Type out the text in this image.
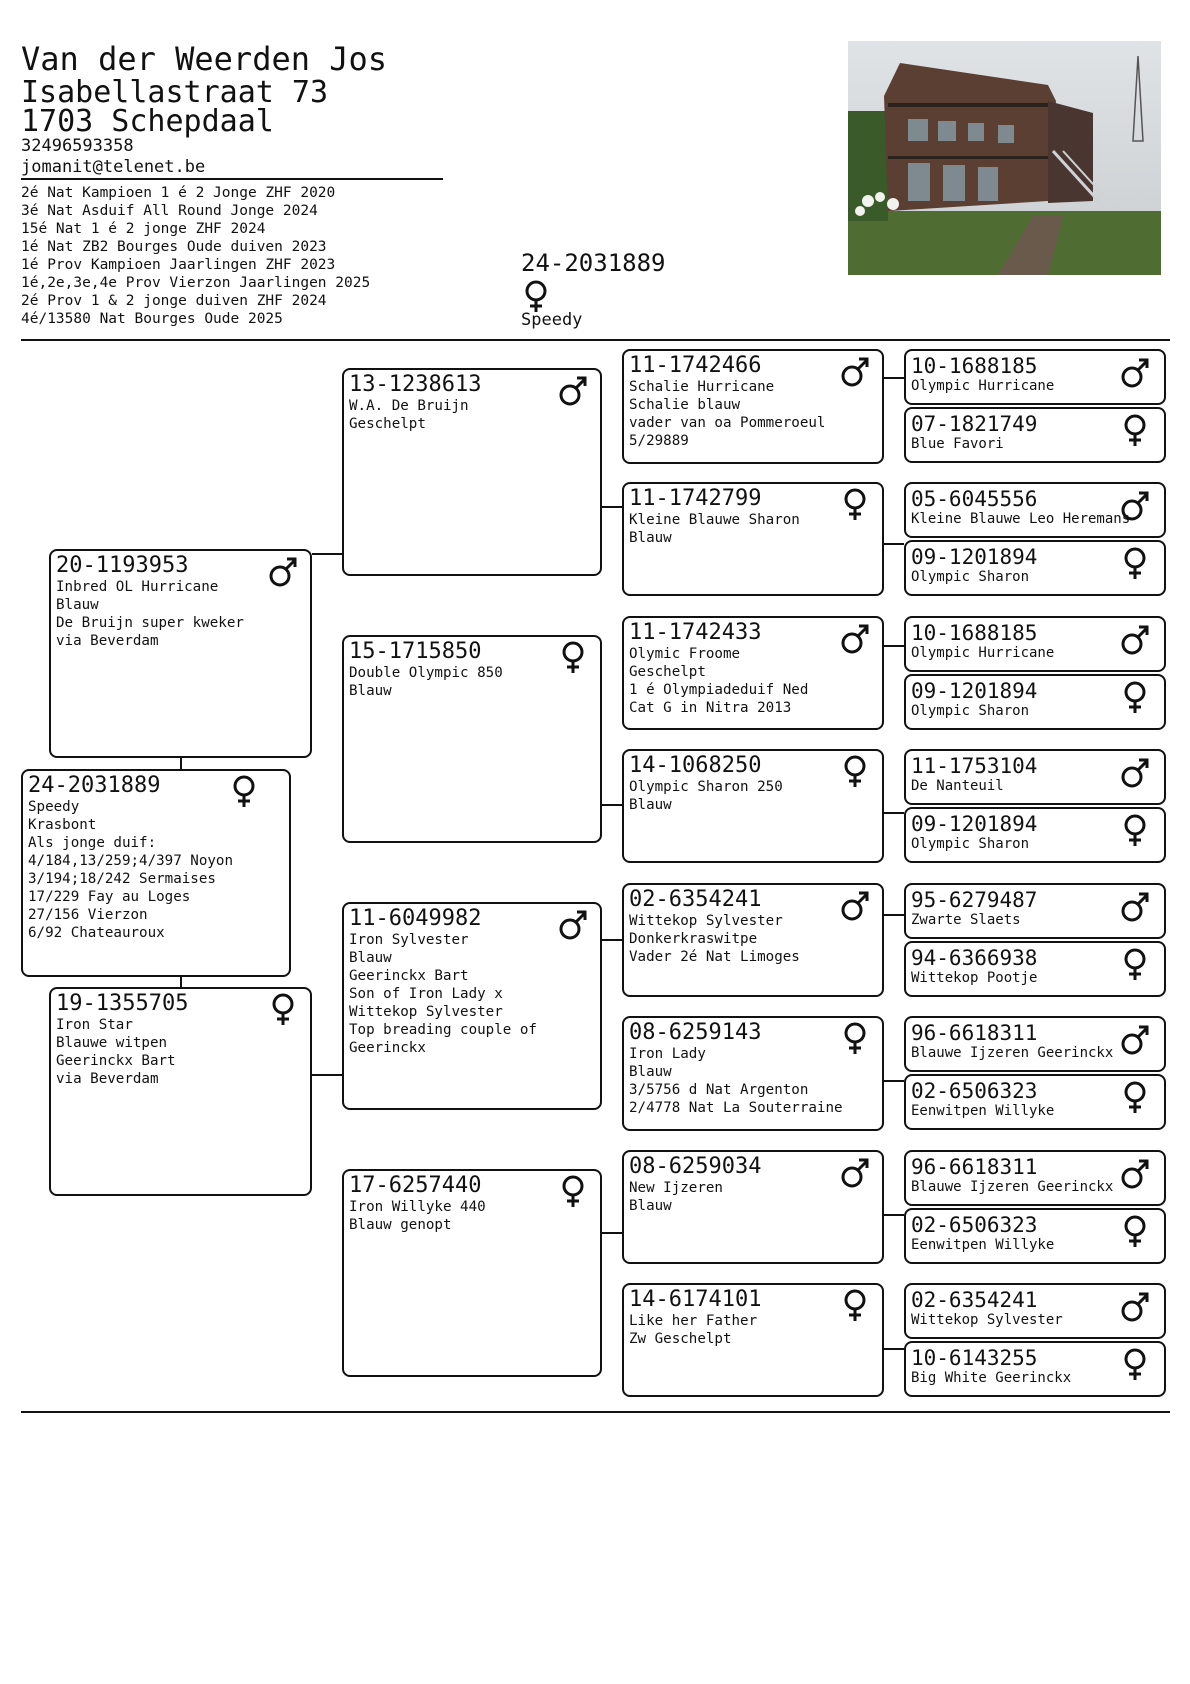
Van der Weerden Jos
Isabellastraat 73
1703 Schepdaal
32496593358
jomanit@telenet.be
2é Nat Kampioen 1 é 2 Jonge ZHF 2020
3é Nat Asduif All Round Jonge 2024
15é Nat 1 é 2 jonge ZHF 2024
1é Nat ZB2 Bourges Oude duiven 2023
1é Prov Kampioen Jaarlingen ZHF 2023
1é,2e,3e,4e Prov Vierzon Jaarlingen 2025
2é Prov 1 & 2 jonge duiven ZHF 2024
4é/13580 Nat Bourges Oude 2025
24-2031889
Speedy
24-2031889
Speedy
Krasbont
Als jonge duif:
4/184,13/259;4/397 Noyon
3/194;18/242 Sermaises
17/229 Fay au Loges
27/156 Vierzon
6/92 Chateauroux
20-1193953
Inbred OL Hurricane
Blauw
De Bruijn super kweker
via Beverdam
19-1355705
Iron Star
Blauwe witpen
Geerinckx Bart
via Beverdam
13-1238613
W.A. De Bruijn
Geschelpt
15-1715850
Double Olympic 850
Blauw
11-6049982
Iron Sylvester
Blauw
Geerinckx Bart
Son of Iron Lady x
Wittekop Sylvester
Top breading couple of
Geerinckx
17-6257440
Iron Willyke 440
Blauw genopt
11-1742466
Schalie Hurricane
Schalie blauw
vader van oa Pommeroeul
5/29889
11-1742799
Kleine Blauwe Sharon
Blauw
11-1742433
Olymic Froome
Geschelpt
1 é Olympiadeduif Ned
Cat G in Nitra 2013
14-1068250
Olympic Sharon 250
Blauw
02-6354241
Wittekop Sylvester
Donkerkraswitpe
Vader 2é Nat Limoges
08-6259143
Iron Lady
Blauw
3/5756 d Nat Argenton
2/4778 Nat La Souterraine
08-6259034
New Ijzeren
Blauw
14-6174101
Like her Father
Zw Geschelpt
10-1688185
Olympic Hurricane
07-1821749
Blue Favori
05-6045556
Kleine Blauwe Leo Heremans
09-1201894
Olympic Sharon
10-1688185
Olympic Hurricane
09-1201894
Olympic Sharon
11-1753104
De Nanteuil
09-1201894
Olympic Sharon
95-6279487
Zwarte Slaets
94-6366938
Wittekop Pootje
96-6618311
Blauwe Ijzeren Geerinckx
02-6506323
Eenwitpen Willyke
96-6618311
Blauwe Ijzeren Geerinckx
02-6506323
Eenwitpen Willyke
02-6354241
Wittekop Sylvester
10-6143255
Big White Geerinckx
